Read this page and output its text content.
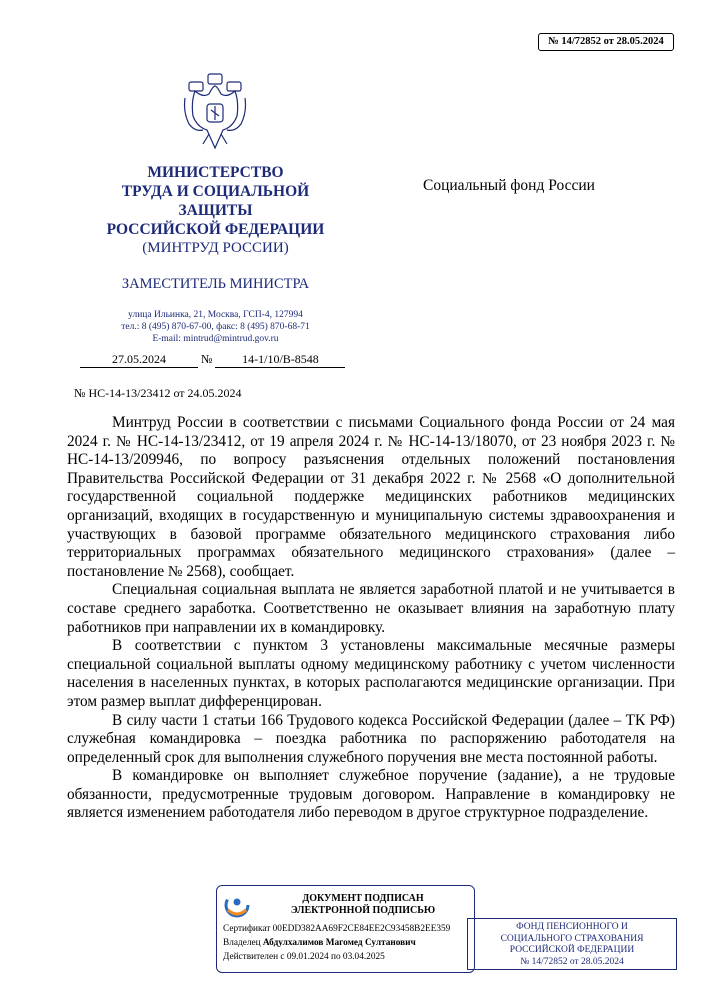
№ 14/72852 от 28.05.2024
МИНИСТЕРСТВО
ТРУДА И СОЦИАЛЬНОЙ
ЗАЩИТЫ
РОССИЙСКОЙ ФЕДЕРАЦИИ
(МИНТРУД РОССИИ)
ЗАМЕСТИТЕЛЬ МИНИСТРА
улица Ильинка, 21, Москва, ГСП-4, 127994
тел.: 8 (495) 870-67-00, факс: 8 (495) 870-68-71
E-mail: mintrud@mintrud.gov.ru
27.05.2024	№ 14-1/10/В-8548
№ НС-14-13/23412 от 24.05.2024
Социальный фонд России

Минтруд России в соответствии с письмами Социального фонда России от 24 мая 2024 г. № НС-14-13/23412, от 19 апреля 2024 г. № НС-14-13/18070, от 23 ноября 2023 г. № НС-14-13/209946, по вопросу разъяснения отдельных положений постановления Правительства Российской Федерации от 31 декабря 2022 г. № 2568 «О дополнительной государственной социальной поддержке медицинских работников медицинских организаций, входящих в государственную и муниципальную системы здравоохранения и участвующих в базовой программе обязательного медицинского страхования либо территориальных программах обязательного медицинского страхования» (далее – постановление № 2568), сообщает.

Специальная социальная выплата не является заработной платой и не учитывается в составе среднего заработка. Соответственно не оказывает влияния на заработную плату работников при направлении их в командировку.

В соответствии с пунктом 3 установлены максимальные месячные размеры специальной социальной выплаты одному медицинскому работнику с учетом численности населения в населенных пунктах, в которых располагаются медицинские организации. При этом размер выплат дифференцирован.

В силу части 1 статьи 166 Трудового кодекса Российской Федерации (далее – ТК РФ) служебная командировка – поездка работника по распоряжению работодателя на определенный срок для выполнения служебного поручения вне места постоянной работы.

В командировке он выполняет служебное поручение (задание), а не трудовые обязанности, предусмотренные трудовым договором. Направление в командировку не является изменением работодателя либо переводом в другое структурное подразделение.

ДОКУМЕНТ ПОДПИСАН
ЭЛЕКТРОННОЙ ПОДПИСЬЮ
Сертификат 00EDD382AA69F2CE84EE2C93458B2EE359
Владелец Абдулхалимов Магомед Султанович
Действителен с 09.01.2024 по 03.04.2025
ФОНД ПЕНСИОННОГО И
СОЦИАЛЬНОГО СТРАХОВАНИЯ
РОССИЙСКОЙ ФЕДЕРАЦИИ
№ 14/72852 от 28.05.2024
